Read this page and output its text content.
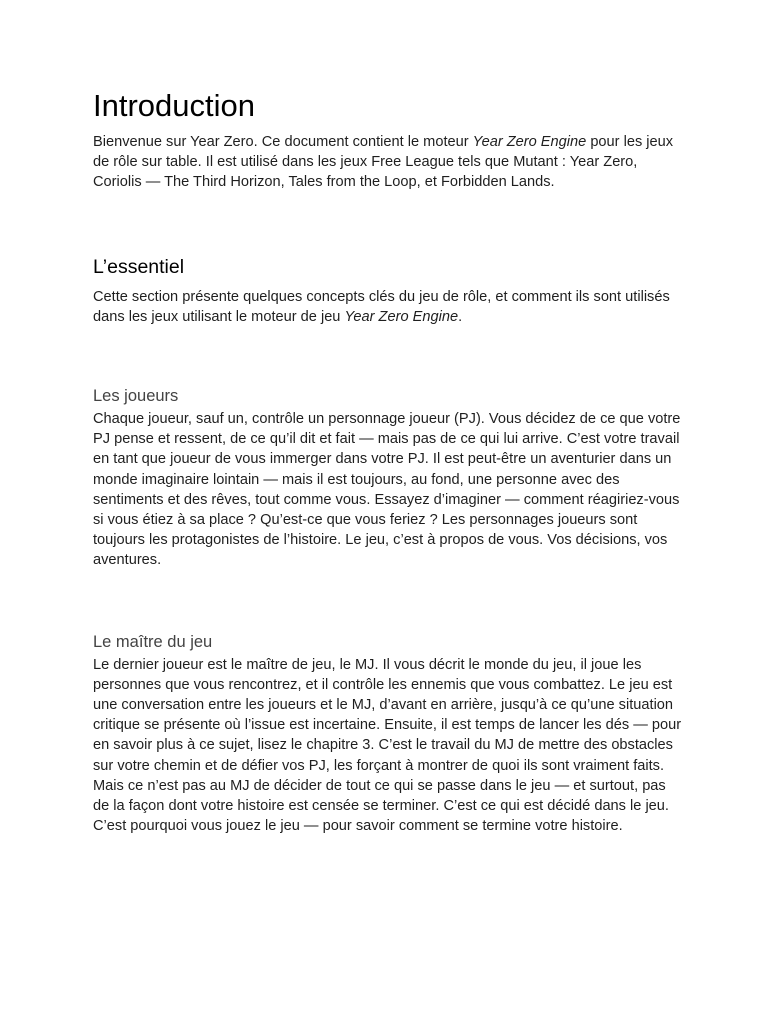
Introduction

Bienvenue sur Year Zero. Ce document contient le moteur Year Zero Engine pour les jeux de rôle sur table. Il est utilisé dans les jeux Free League tels que Mutant : Year Zero, Coriolis — The Third Horizon, Tales from the Loop, et Forbidden Lands.

L’essentiel

Cette section présente quelques concepts clés du jeu de rôle, et comment ils sont utilisés dans les jeux utilisant le moteur de jeu Year Zero Engine.

Les joueurs

Chaque joueur, sauf un, contrôle un personnage joueur (PJ). Vous décidez de ce que votre PJ pense et ressent, de ce qu’il dit et fait — mais pas de ce qui lui arrive. C’est votre travail en tant que joueur de vous immerger dans votre PJ. Il est peut-être un aventurier dans un monde imaginaire lointain — mais il est toujours, au fond, une personne avec des sentiments et des rêves, tout comme vous. Essayez d’imaginer — comment réagiriez-vous si vous étiez à sa place ? Qu’est-ce que vous feriez ? Les personnages joueurs sont toujours les protagonistes de l’histoire. Le jeu, c’est à propos de vous. Vos décisions, vos aventures.

Le maître du jeu

Le dernier joueur est le maître de jeu, le MJ. Il vous décrit le monde du jeu, il joue les personnes que vous rencontrez, et il contrôle les ennemis que vous combattez. Le jeu est une conversation entre les joueurs et le MJ, d’avant en arrière, jusqu’à ce qu’une situation critique se présente où l’issue est incertaine. Ensuite, il est temps de lancer les dés — pour en savoir plus à ce sujet, lisez le chapitre 3. C’est le travail du MJ de mettre des obstacles sur votre chemin et de défier vos PJ, les forçant à montrer de quoi ils sont vraiment faits. Mais ce n’est pas au MJ de décider de tout ce qui se passe dans le jeu — et surtout, pas de la façon dont votre histoire est censée se terminer. C’est ce qui est décidé dans le jeu. C’est pourquoi vous jouez le jeu — pour savoir comment se termine votre histoire.
